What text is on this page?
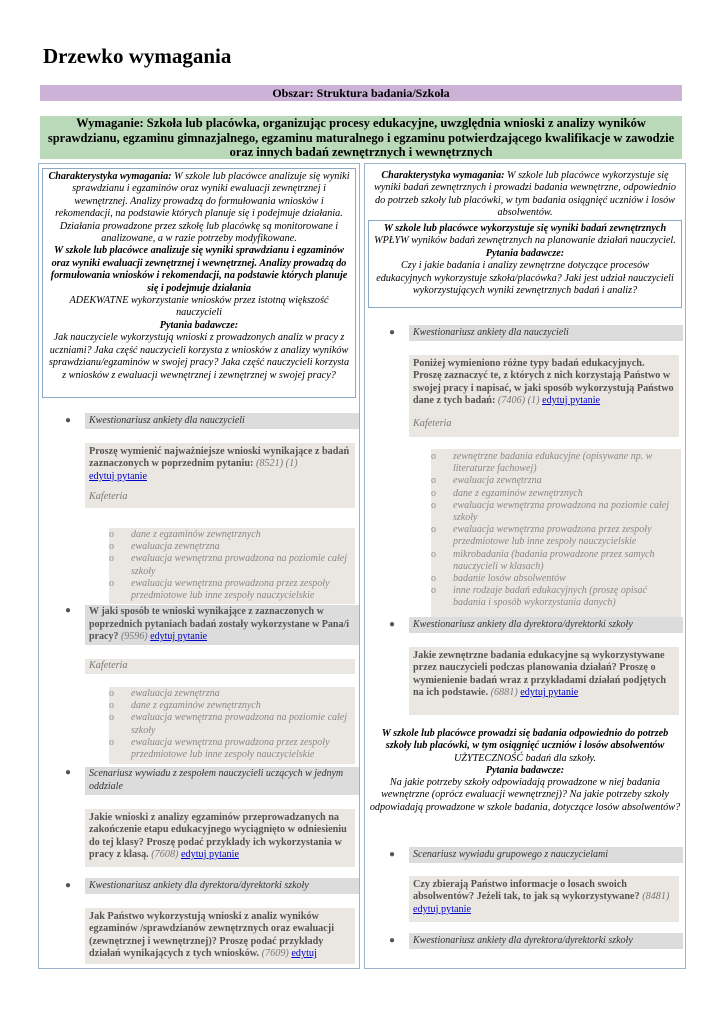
Drzewko wymagania
Obszar: Struktura badania/Szkoła
Wymaganie: Szkoła lub placówka, organizując procesy edukacyjne, uwzględnia wnioski z analizy wyników sprawdzianu, egzaminu gimnazjalnego, egzaminu maturalnego i egzaminu potwierdzającego kwalifikacje w zawodzie oraz innych badań zewnętrznych i wewnętrznych
Charakterystyka wymagania: W szkole lub placówce analizuje się wyniki sprawdzianu i egzaminów oraz wyniki ewaluacji zewnętrznej i wewnętrznej. Analizy prowadzą do formułowania wniosków i rekomendacji, na podstawie których planuje się i podejmuje działania. Działania prowadzone przez szkołę lub placówkę są monitorowane i analizowane, a w razie potrzeby modyfikowane.
W szkole lub placówce analizuje się wyniki sprawdzianu i egzaminów oraz wyniki ewaluacji zewnętrznej i wewnętrznej. Analizy prowadzą do formułowania wniosków i rekomendacji, na podstawie których planuje się i podejmuje działania
ADEKWATNE wykorzystanie wniosków przez istotną większość nauczycieli
Pytania badawcze:
Jak nauczyciele wykorzystują wnioski z prowadzonych analiz w pracy z uczniami? Jaka część nauczycieli korzysta z wniosków z analizy wyników sprawdzianu/egzaminów w swojej pracy? Jaka część nauczycieli korzysta z wniosków z ewaluacji wewnętrznej i zewnętrznej w swojej pracy?
● Kwestionariusz ankiety dla nauczycieli
Proszę wymienić najważniejsze wnioski wynikające z badań zaznaczonych w poprzednim pytaniu: (8521) (1)
edytuj pytanie
Kafeteria
o dane z egzaminów zewnętrznych
o ewaluacja zewnętrzna
o ewaluacja wewnętrzna prowadzona na poziomie całej szkoły
o ewaluacja wewnętrzna prowadzona przez zespoły przedmiotowe lub inne zespoły nauczycielskie
● W jaki sposób te wnioski wynikające z zaznaczonych w poprzednich pytaniach badań zostały wykorzystane w Pana/i pracy? (9596) edytuj pytanie
Kafeteria
o ewaluacja zewnętrzna
o dane z egzaminów zewnętrznych
o ewaluacja wewnętrzna prowadzona na poziomie całej szkoły
o ewaluacja wewnętrzna prowadzona przez zespoły przedmiotowe lub inne zespoły nauczycielskie
● Scenariusz wywiadu z zespołem nauczycieli uczących w jednym oddziale
Jakie wnioski z analizy egzaminów przeprowadzanych na zakończenie etapu edukacyjnego wyciągnięto w odniesieniu do tej klasy? Proszę podać przykłady ich wykorzystania w pracy z klasą. (7608) edytuj pytanie
● Kwestionariusz ankiety dla dyrektora/dyrektorki szkoły
Jak Państwo wykorzystują wnioski z analiz wyników egzaminów /sprawdzianów zewnętrznych oraz ewaluacji (zewnętrznej i wewnętrznej)? Proszę podać przykłady działań wynikających z tych wniosków. (7609) edytuj
Charakterystyka wymagania: W szkole lub placówce wykorzystuje się wyniki badań zewnętrznych i prowadzi badania wewnętrzne, odpowiednio do potrzeb szkoły lub placówki, w tym badania osiągnięć uczniów i losów absolwentów.
W szkole lub placówce wykorzystuje się wyniki badań zewnętrznych
WPŁYW wyników badań zewnętrznych na planowanie działań nauczyciel.
Pytania badawcze:
Czy i jakie badania i analizy zewnętrzne dotyczące procesów edukacyjnych wykorzystuje szkoła/placówka? Jaki jest udział nauczycieli wykorzystujących wyniki zewnętrznych badań i analiz?
● Kwestionariusz ankiety dla nauczycieli
Poniżej wymieniono różne typy badań edukacyjnych. Proszę zaznaczyć te, z których z nich korzystają Państwo w swojej pracy i napisać, w jaki sposób wykorzystują Państwo dane z tych badań: (7406) (1) edytuj pytanie
Kafeteria
o zewnętrzne badania edukacyjne (opisywane np. w literaturze fachowej)
o ewaluacja zewnętrzna
o dane z egzaminów zewnętrznych
o ewaluacja wewnętrzna prowadzona na poziomie całej szkoły
o ewaluacja wewnętrzna prowadzona przez zespoły przedmiotowe lub inne zespoły nauczycielskie
o mikrobadania (badania prowadzone przez samych nauczycieli w klasach)
o badanie losów absolwentów
o inne rodzaje badań edukacyjnych (proszę opisać badania i sposób wykorzystania danych)
● Kwestionariusz ankiety dla dyrektora/dyrektorki szkoły
Jakie zewnętrzne badania edukacyjne są wykorzystywane przez nauczycieli podczas planowania działań? Proszę o wymienienie badań wraz z przykładami działań podjętych na ich podstawie. (6881) edytuj pytanie
W szkole lub placówce prowadzi się badania odpowiednio do potrzeb szkoły lub placówki, w tym osiągnięć uczniów i losów absolwentów
UŻYTECZNOŚĆ badań dla szkoły.
Pytania badawcze:
Na jakie potrzeby szkoły odpowiadają prowadzone w niej badania wewnętrzne (oprócz ewaluacji wewnętrznej)? Na jakie potrzeby szkoły odpowiadają prowadzone w szkole badania, dotyczące losów absolwentów?
● Scenariusz wywiadu grupowego z nauczycielami
Czy zbierają Państwo informacje o losach swoich absolwentów? Jeżeli tak, to jak są wykorzystywane? (8481) edytuj pytanie
● Kwestionariusz ankiety dla dyrektora/dyrektorki szkoły
